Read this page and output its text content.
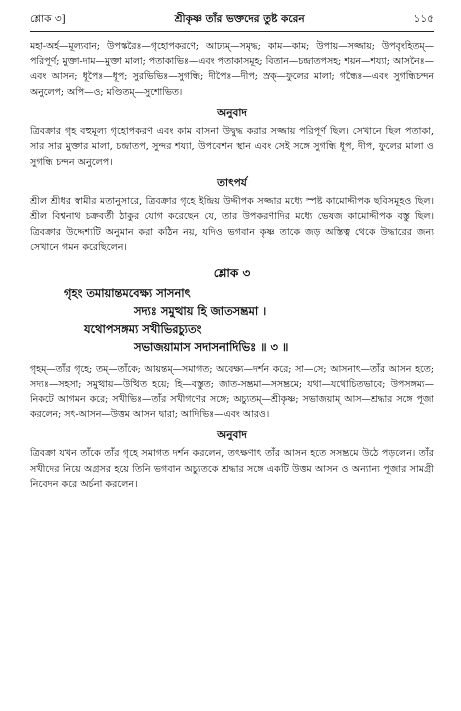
শ্লোক ৩]	শ্রীকৃষ্ণ তাঁর ভক্তদের তুষ্ট করেন	১১৫

মহা-অর্হ—মূল্যবান; উপস্করৈঃ—গৃহোপকরণে; আঢ্যম্—সমৃদ্ধ; কাম—কাম; উপায়—সজ্জায়; উপবৃংহিতম্—পরিপূর্ণ; মুক্তা-দাম—মুক্তা মালা; পতাকাভিঃ—এবং পতাকাসমূহ; বিতান—চন্দ্রাতপসহ; শয়ন—শয্যা; আসনৈঃ—এবং আসন; ধূপৈঃ—ধূপ; সুরভিভিঃ—সুগন্ধি; দীপৈঃ—দীপ; স্রক্—ফুলের মালা; গন্ধৈঃ—এবং সুগন্ধিচন্দন অনুলেপ; অপি—ও; মণ্ডিতম্—সুশোভিত।

অনুবাদ

ত্রিবক্রার গৃহ বহুমূল্য গৃহোপকরণ এবং কাম বাসনা উদ্বুদ্ধ করার সজ্জায় পরিপূর্ণ ছিল। সেখানে ছিল পতাকা, সার সার মুক্তার মালা, চন্দ্রাতপ, সুন্দর শয্যা, উপবেশন স্থান এবং সেই সঙ্গে সুগন্ধি ধূপ, দীপ, ফুলের মালা ও সুগন্ধি চন্দন অনুলেপ।

তাৎপর্য

শ্রীল শ্রীধর স্বামীর মতানুসারে, ত্রিবক্রার গৃহে ইন্দ্রিয় উদ্দীপক সজ্জার মধ্যে স্পষ্ট কামোদ্দীপক ছবিসমূহও ছিল। শ্রীল বিশ্বনাথ চক্রবর্তী ঠাকুর যোগ করেছেন যে, তার উপকরণাদির মধ্যে ভেষজ কামোদ্দীপক বস্তু ছিল। ত্রিবক্রার উদ্দেশ্যটি অনুমান করা কঠিন নয়, যদিও ভগবান কৃষ্ণ তাকে জড় অস্তিত্ব থেকে উদ্ধারের জন্য সেখানে গমন করেছিলেন।

শ্লোক ৩
গৃহং তমায়ান্তমবেক্ষ্য সাসনাৎ
সদ্যঃ সমুত্থায় হি জাতসম্ভ্রমা ।
যথোপসঙ্গম্য সখীভিরচ্যুতং
সভাজয়ামাস সদাসনাদিভিঃ ॥ ৩ ॥

গৃহম্—তাঁর গৃহে; তম্—তাঁকে; আয়ন্তম্—সমাগত; অবেক্ষ্য—দর্শন করে; সা—সে; আসনাৎ—তাঁর আসন হতে; সদ্যঃ—সহসা; সমুত্থায়—উত্থিত হয়ে; হি—বস্তুত; জাত-সম্ভ্রমা—সসম্ভ্রমে; যথা—যথোচিতভাবে; উপসঙ্গম্য—নিকটে আগমন করে; সখীভিঃ—তাঁর সখীগণের সঙ্গে; অচ্যুতম্—শ্রীকৃষ্ণ; সভাজয়াম্ আস—শ্রদ্ধার সঙ্গে পূজা করলেন; সৎ-আসন—উত্তম আসন দ্বারা; আদিভিঃ—এবং আরও।

অনুবাদ

ত্রিবক্রা যখন তাঁকে তাঁর গৃহে সমাগত দর্শন করলেন, তৎক্ষণাৎ তাঁর আসন হতে সসম্ভ্রমে উঠে পড়লেন। তাঁর সখীদের নিয়ে অগ্রসর হয়ে তিনি ভগবান অচ্যুতকে শ্রদ্ধার সঙ্গে একটি উত্তম আসন ও অন্যান্য পূজার সামগ্রী নিবেদন করে অর্চনা করলেন।
